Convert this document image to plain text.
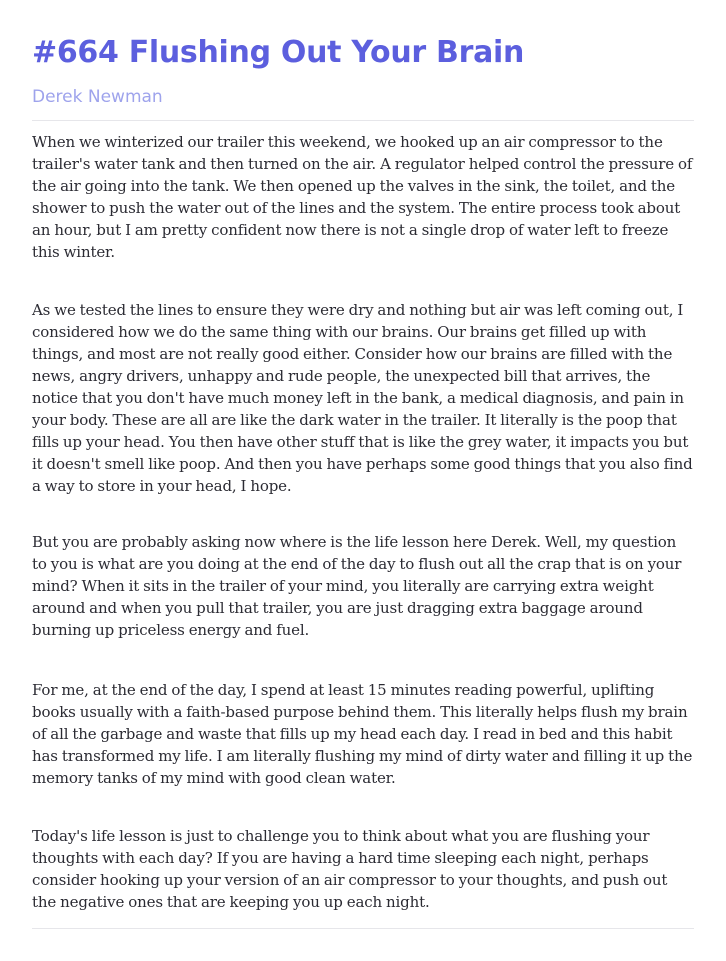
#664 Flushing Out Your Brain
Derek Newman

When we winterized our trailer this weekend, we hooked up an air compressor to the trailer's water tank and then turned on the air. A regulator helped control the pressure of the air going into the tank. We then opened up the valves in the sink, the toilet, and the shower to push the water out of the lines and the system. The entire process took about an hour, but I am pretty confident now there is not a single drop of water left to freeze this winter.

As we tested the lines to ensure they were dry and nothing but air was left coming out, I considered how we do the same thing with our brains. Our brains get filled up with things, and most are not really good either. Consider how our brains are filled with the news, angry drivers, unhappy and rude people, the unexpected bill that arrives, the notice that you don't have much money left in the bank, a medical diagnosis, and pain in your body. These are all are like the dark water in the trailer. It literally is the poop that fills up your head. You then have other stuff that is like the grey water, it impacts you but it doesn't smell like poop. And then you have perhaps some good things that you also find a way to store in your head, I hope.

But you are probably asking now where is the life lesson here Derek. Well, my question to you is what are you doing at the end of the day to flush out all the crap that is on your mind? When it sits in the trailer of your mind, you literally are carrying extra weight around and when you pull that trailer, you are just dragging extra baggage around burning up priceless energy and fuel.

For me, at the end of the day, I spend at least 15 minutes reading powerful, uplifting books usually with a faith-based purpose behind them. This literally helps flush my brain of all the garbage and waste that fills up my head each day. I read in bed and this habit has transformed my life. I am literally flushing my mind of dirty water and filling it up the memory tanks of my mind with good clean water.

Today's life lesson is just to challenge you to think about what you are flushing your thoughts with each day? If you are having a hard time sleeping each night, perhaps consider hooking up your version of an air compressor to your thoughts, and push out the negative ones that are keeping you up each night.
